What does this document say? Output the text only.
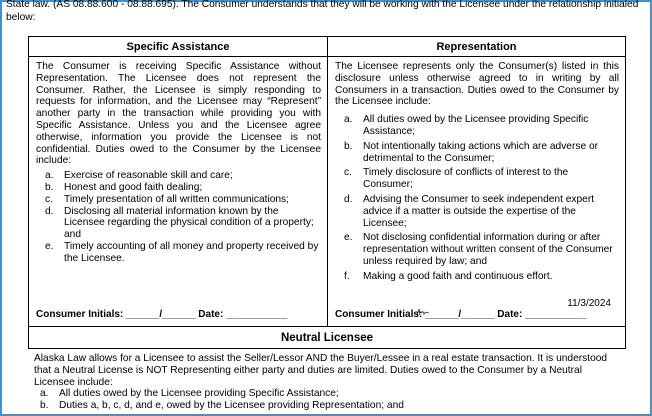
State law. (AS 08.88.600 - 08.88.695). The Consumer understands that they will be working with the Licensee under the relationship initialed below:
Specific Assistance
The Consumer is receiving Specific Assistance without Representation. The Licensee does not represent the Consumer. Rather, the Licensee is simply responding to requests for information, and the Licensee may “Represent” another party in the transaction while providing you with Specific Assistance. Unless you and the Licensee agree otherwise, information you provide the Licensee is not confidential. Duties owed to the Consumer by the Licensee include:
a.	Exercise of reasonable skill and care;
b.	Honest and good faith dealing;
c.	Timely presentation of all written communications;
d.	Disclosing all material information known by the Licensee regarding the physical condition of a property; and
e.	Timely accounting of all money and property received by the Licensee.
Consumer Initials: ______/______ Date: ___________
Representation
The Licensee represents only the Consumer(s) listed in this disclosure unless otherwise agreed to in writing by all Consumers in a transaction. Duties owed to the Consumer by the Licensee include:
a.	All duties owed by the Licensee providing Specific Assistance;
b.	Not intentionally taking actions which are adverse or detrimental to the Consumer;
c.	Timely disclosure of conflicts of interest to the Consumer;
d.	Advising the Consumer to seek independent expert advice if a matter is outside the expertise of the Licensee;
e.	Not disclosing confidential information during or after representation without written consent of the Consumer unless required by law; and
f.	Making a good faith and continuous effort.
11/3/2024
Consumer Initials: ______/______ Date: ___________
Neutral Licensee
Alaska Law allows for a Licensee to assist the Seller/Lessor AND the Buyer/Lessee in a real estate transaction. It is understood that a Neutral License is NOT Representing either party and duties are limited. Duties owed to the Consumer by a Neutral Licensee include:
a.	All duties owed by the Licensee providing Specific Assistance;
b.	Duties a, b, c, d, and e, owed by the Licensee providing Representation; and
